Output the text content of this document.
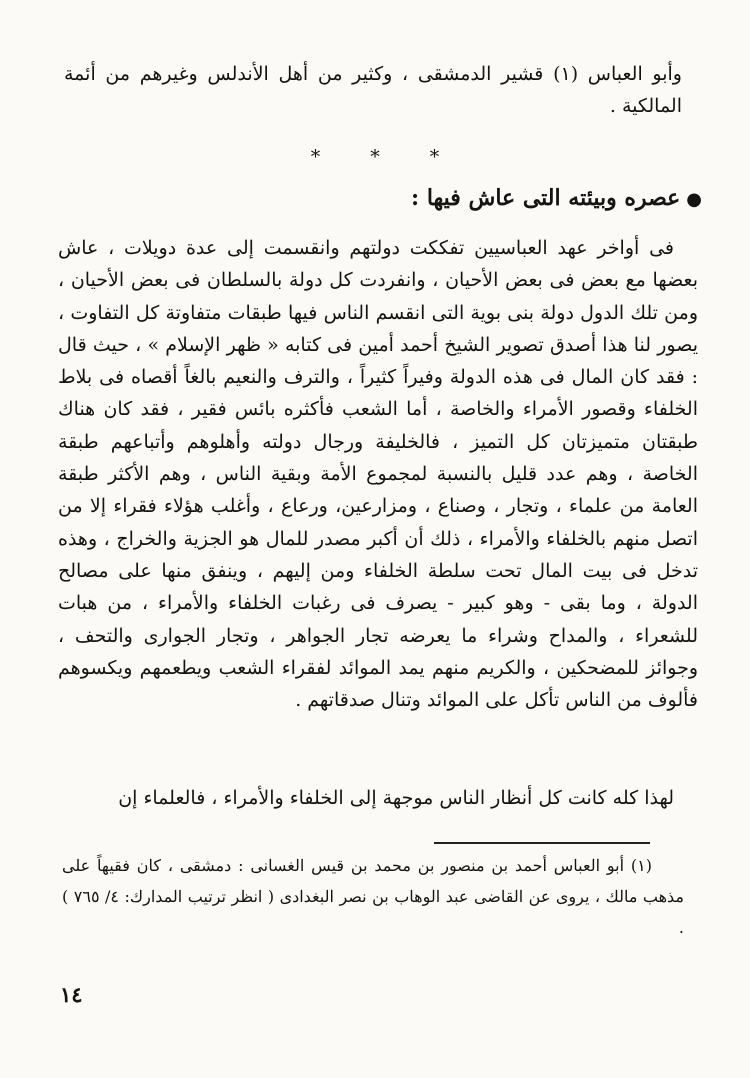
وأبو العباس (١) قشير الدمشقى ، وكثير من أهل الأندلس وغيرهم من أئمة المالكية .

*	*	*
●عصره وبيئته التى عاش فيها :

فى أواخر عهد العباسيين تفككت دولتهم وانقسمت إلى عدة دويلات ، عاش بعضها مع بعض فى بعض الأحيان ، وانفردت كل دولة بالسلطان فى بعض الأحيان ، ومن تلك الدول دولة بنى بوية التى انقسم الناس فيها طبقات متفاوتة كل التفاوت ، يصور لنا هذا أصدق تصوير الشيخ أحمد أمين فى كتابه « ظهر الإسلام » ، حيث قال : فقد كان المال فى هذه الدولة وفيراً كثيراً ، والترف والنعيم بالغاً أقصاه فى بلاط الخلفاء وقصور الأمراء والخاصة ، أما الشعب فأكثره بائس فقير ، فقد كان هناك طبقتان متميزتان كل التميز ، فالخليفة ورجال دولته وأهلوهم وأتباعهم طبقة الخاصة ، وهم عدد قليل بالنسبة لمجموع الأمة وبقية الناس ، وهم الأكثر طبقة العامة من علماء ، وتجار ، وصناع ، ومزارعين، ورعاع ، وأغلب هؤلاء فقراء إلا من اتصل منهم بالخلفاء والأمراء ، ذلك أن أكبر مصدر للمال هو الجزية والخراج ، وهذه تدخل فى بيت المال تحت سلطة الخلفاء ومن إليهم ، وينفق منها على مصالح الدولة ، وما بقى - وهو كبير - يصرف فى رغبات الخلفاء والأمراء ، من هبات للشعراء ، والمداح وشراء ما يعرضه تجار الجواهر ، وتجار الجوارى والتحف ، وجوائز للمضحكين ، والكريم منهم يمد الموائد لفقراء الشعب ويطعمهم ويكسوهم فألوف من الناس تأكل على الموائد وتنال صدقاتهم .

لهذا كله كانت كل أنظار الناس موجهة إلى الخلفاء والأمراء ، فالعلماء إن

(١) أبو العباس أحمد بن منصور بن محمد بن قيس الغسانى : دمشقى ، كان فقيهاً على مذهب مالك ، يروى عن القاضى عبد الوهاب بن نصر البغدادى ( انظر ترتيب المدارك: ٤/ ٧٦٥ ) .

١٤
